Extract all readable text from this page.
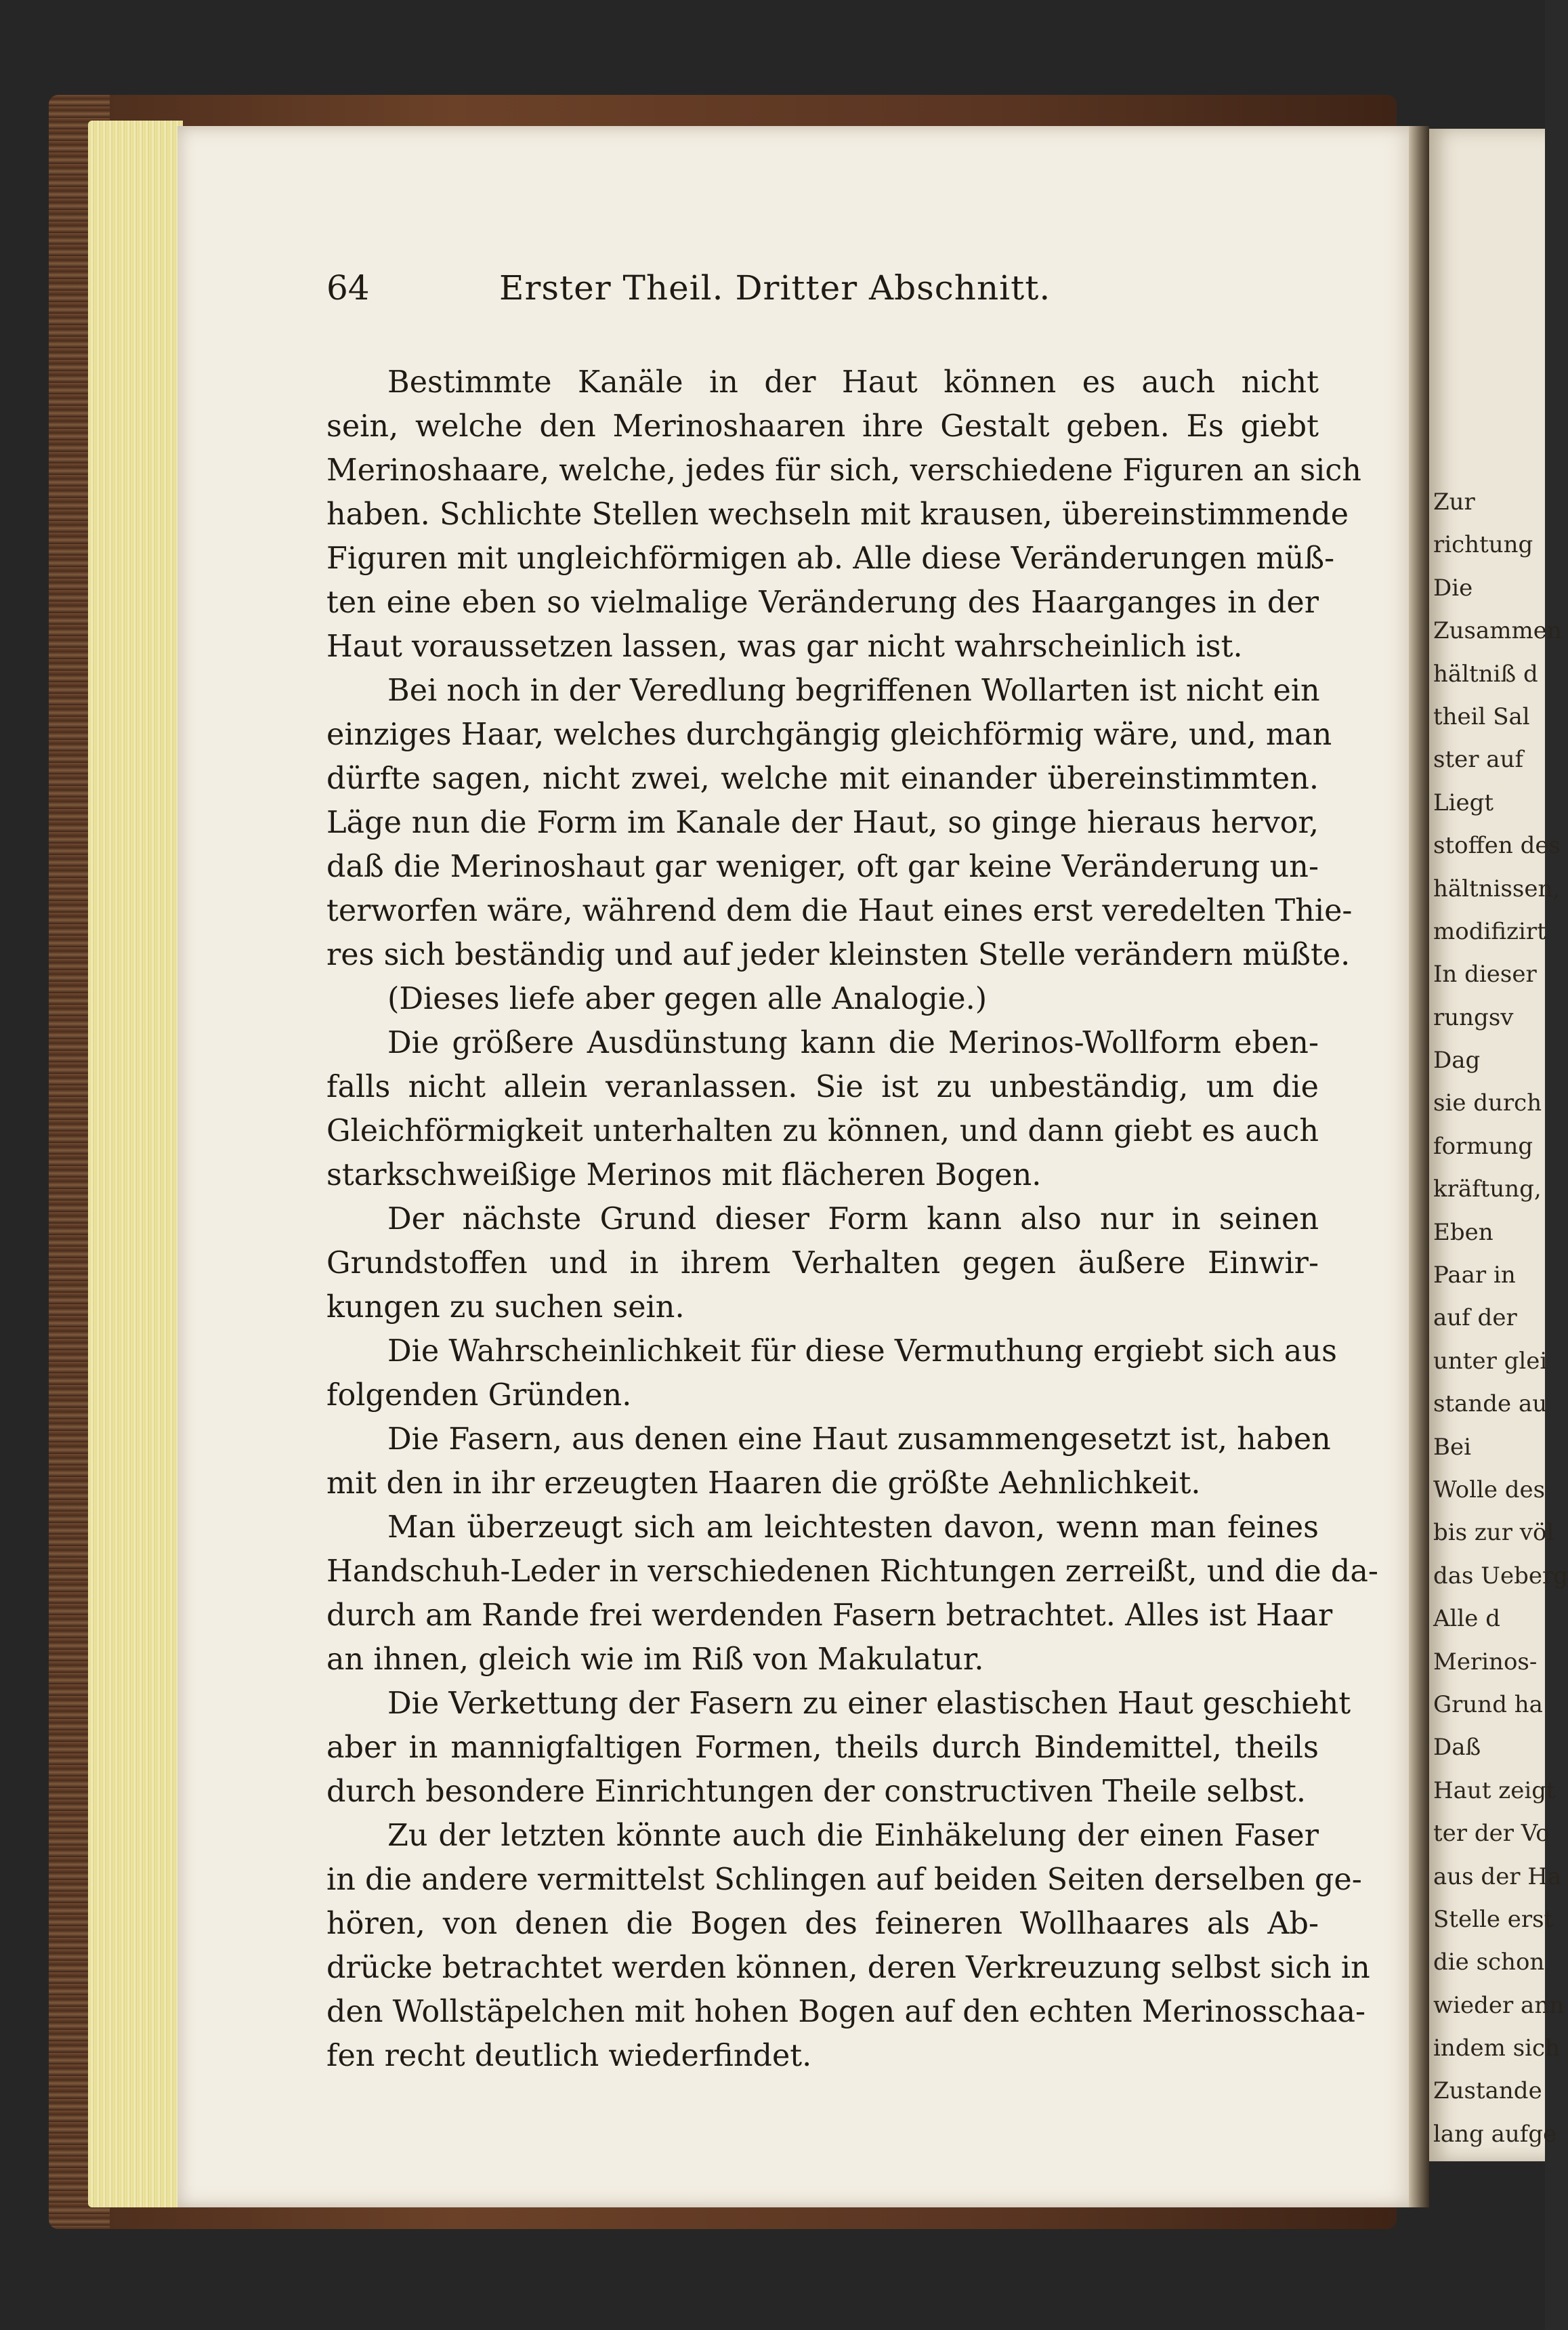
Zur
richtung
Die
Zusammen
hältniß d
theil Sal
ster auf
Liegt
stoffen des
hältnissen,
modifizirt
In dieser
rungsv
Dag
sie durch
formung
kräftung,
Eben
Paar in
auf der
unter glei
stande au
Bei
Wolle des
bis zur völ
das Ueberg
Alle d
Merinos-
Grund ha
Daß
Haut zeigt
ter der Vo
aus der Ha
Stelle erst
die schon
wieder ann
indem sich
Zustande
lang aufge
64	Erster Theil. Dritter Abschnitt.
Bestimmte Kanäle in der Haut können es auch nicht
sein, welche den Merinoshaaren ihre Gestalt geben. Es giebt
Merinoshaare, welche, jedes für sich, verschiedene Figuren an sich
haben. Schlichte Stellen wechseln mit krausen, übereinstimmende
Figuren mit ungleichförmigen ab. Alle diese Veränderungen müß-
ten eine eben so vielmalige Veränderung des Haarganges in der
Haut voraussetzen lassen, was gar nicht wahrscheinlich ist.
Bei noch in der Veredlung begriffenen Wollarten ist nicht ein
einziges Haar, welches durchgängig gleichförmig wäre, und, man
dürfte sagen, nicht zwei, welche mit einander übereinstimmten.
Läge nun die Form im Kanale der Haut, so ginge hieraus hervor,
daß die Merinoshaut gar weniger, oft gar keine Veränderung un-
terworfen wäre, während dem die Haut eines erst veredelten Thie-
res sich beständig und auf jeder kleinsten Stelle verändern müßte.
(Dieses liefe aber gegen alle Analogie.)
Die größere Ausdünstung kann die Merinos-Wollform eben-
falls nicht allein veranlassen. Sie ist zu unbeständig, um die
Gleichförmigkeit unterhalten zu können, und dann giebt es auch
starkschweißige Merinos mit flächeren Bogen.
Der nächste Grund dieser Form kann also nur in seinen
Grundstoffen und in ihrem Verhalten gegen äußere Einwir-
kungen zu suchen sein.
Die Wahrscheinlichkeit für diese Vermuthung ergiebt sich aus
folgenden Gründen.
Die Fasern, aus denen eine Haut zusammengesetzt ist, haben
mit den in ihr erzeugten Haaren die größte Aehnlichkeit.
Man überzeugt sich am leichtesten davon, wenn man feines
Handschuh-Leder in verschiedenen Richtungen zerreißt, und die da-
durch am Rande frei werdenden Fasern betrachtet. Alles ist Haar
an ihnen, gleich wie im Riß von Makulatur.
Die Verkettung der Fasern zu einer elastischen Haut geschieht
aber in mannigfaltigen Formen, theils durch Bindemittel, theils
durch besondere Einrichtungen der constructiven Theile selbst.
Zu der letzten könnte auch die Einhäkelung der einen Faser
in die andere vermittelst Schlingen auf beiden Seiten derselben ge-
hören, von denen die Bogen des feineren Wollhaares als Ab-
drücke betrachtet werden können, deren Verkreuzung selbst sich in
den Wollstäpelchen mit hohen Bogen auf den echten Merinosschaa-
fen recht deutlich wiederfindet.
